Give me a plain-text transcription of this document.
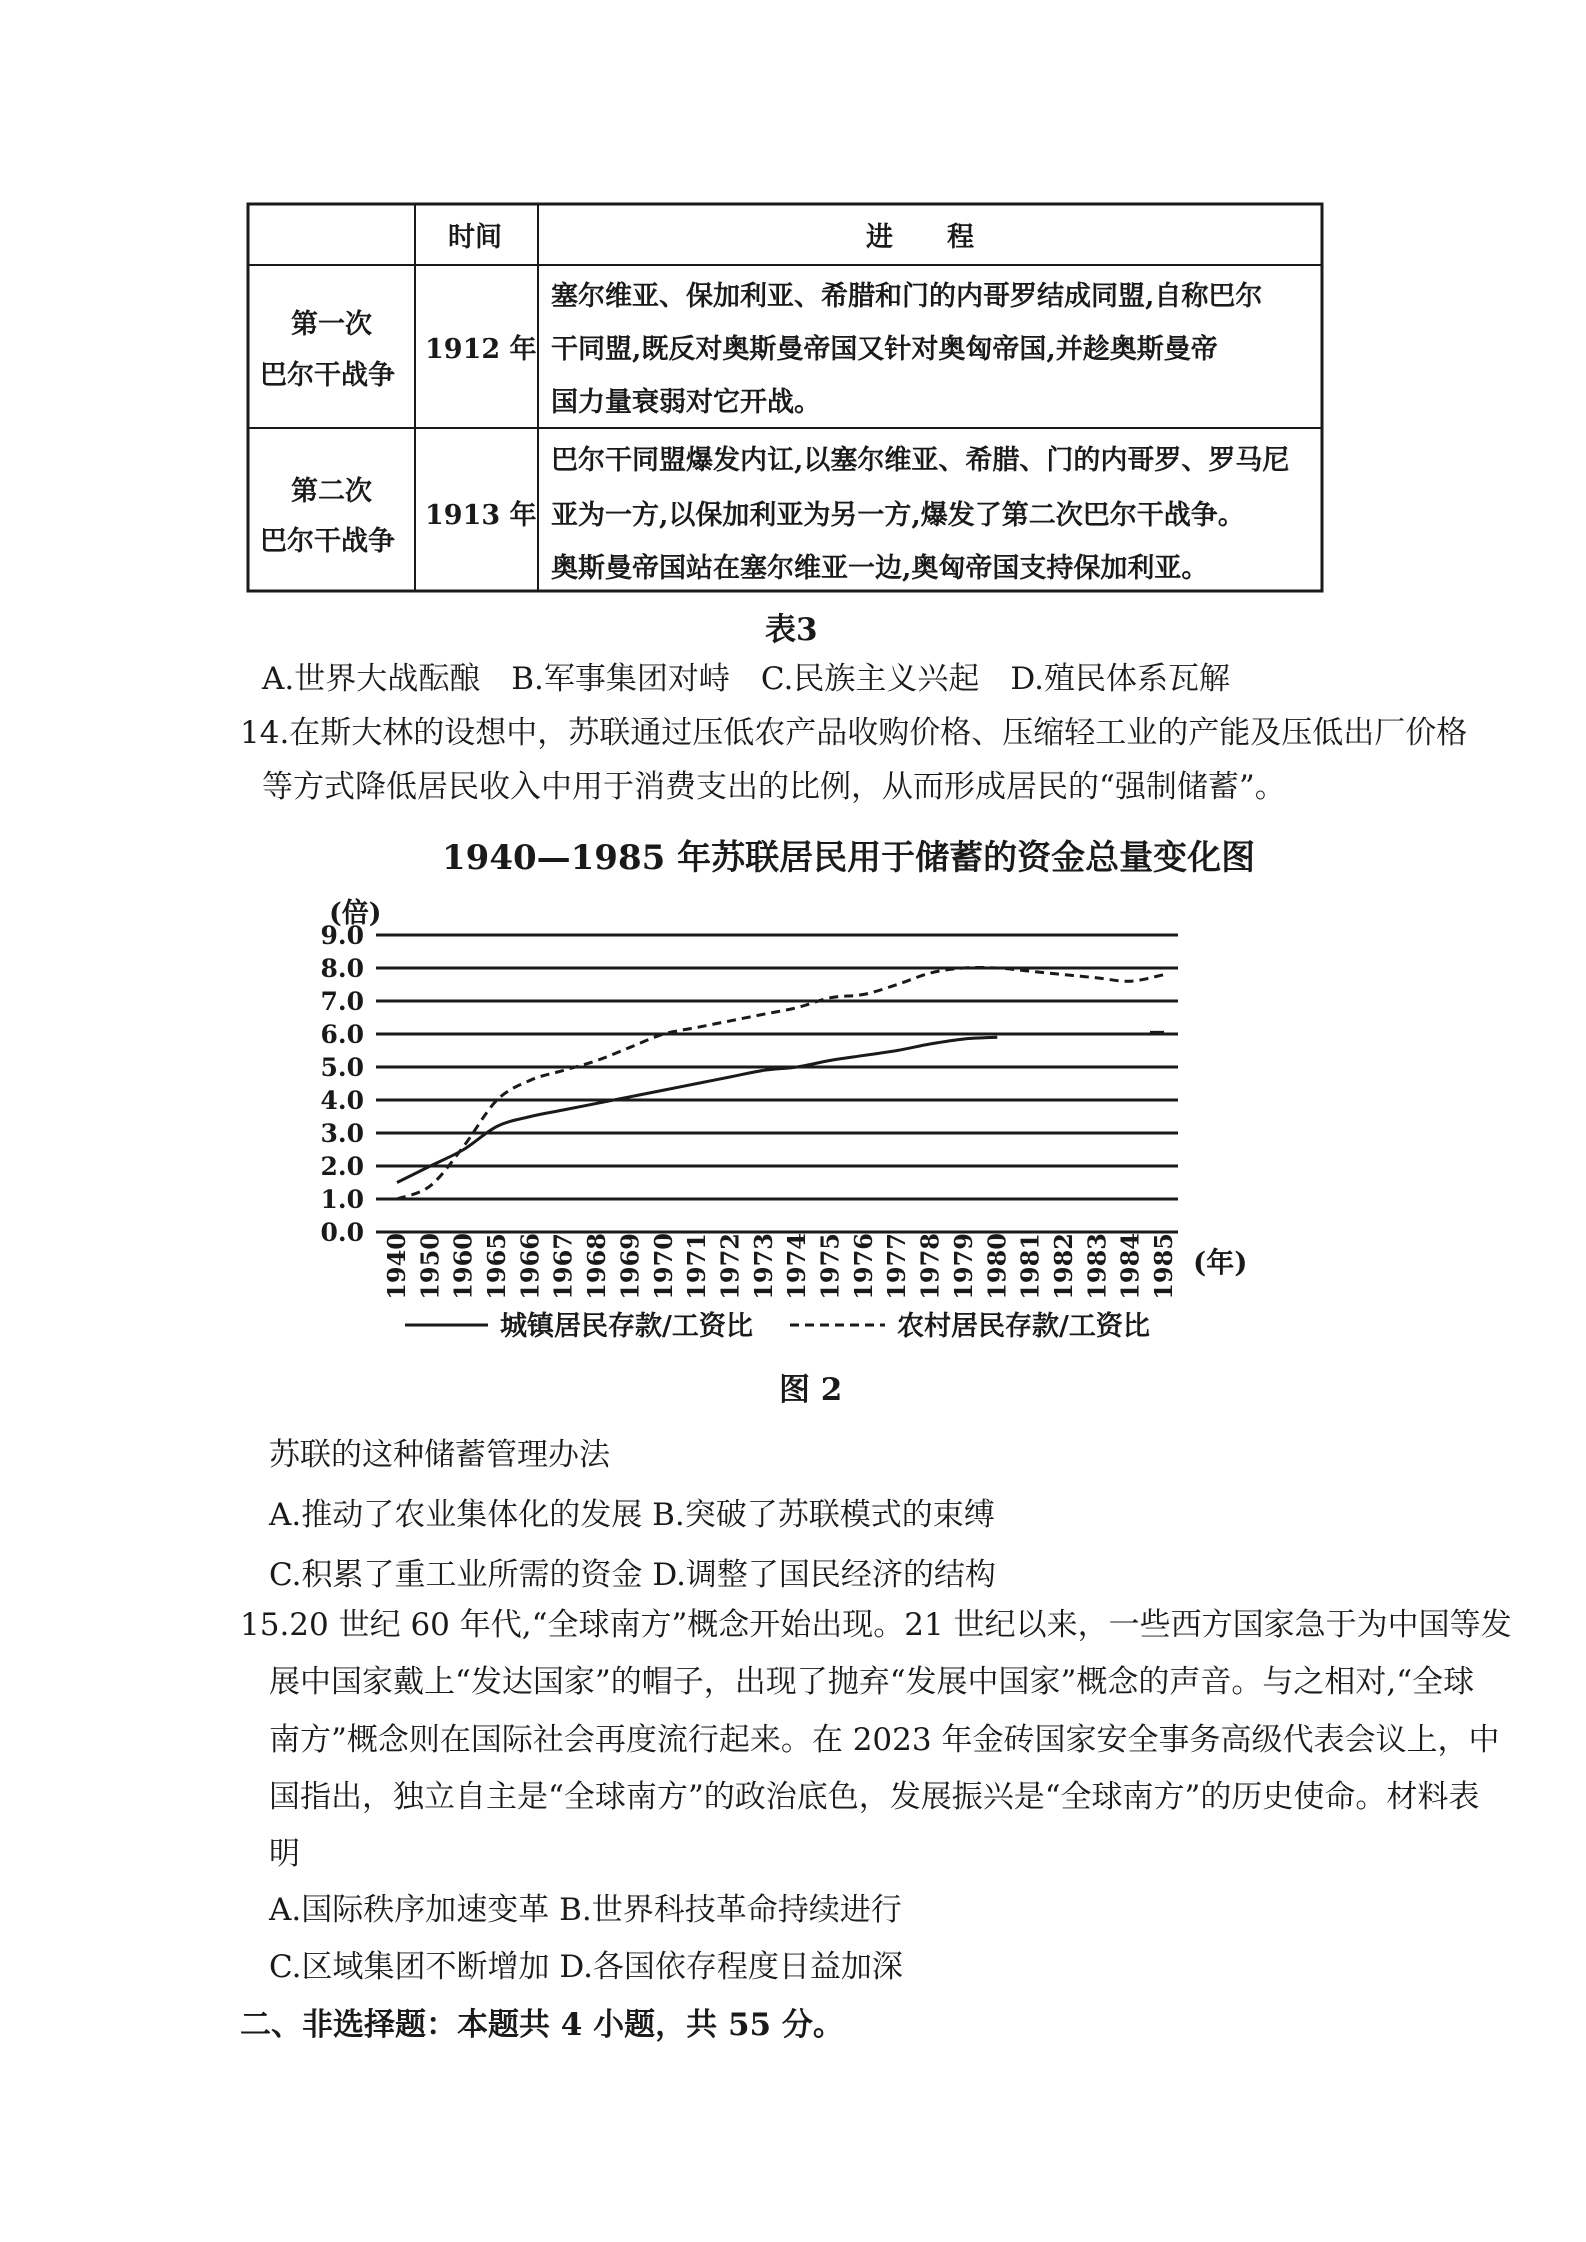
时间	进　　程
第一次
巴尔干战争
1912 年
塞尔维亚、保加利亚、希腊和门的内哥罗结成同盟,自称巴尔
干同盟,既反对奥斯曼帝国又针对奥匈帝国,并趁奥斯曼帝
国力量衰弱对它开战。
第二次
巴尔干战争
1913 年
巴尔干同盟爆发内讧,以塞尔维亚、希腊、门的内哥罗、罗马尼
亚为一方,以保加利亚为另一方,爆发了第二次巴尔干战争。
奥斯曼帝国站在塞尔维亚一边,奥匈帝国支持保加利亚。
表3
A.世界大战酝酿　B.军事集团对峙　C.民族主义兴起　D.殖民体系瓦解
14.在斯大林的设想中，苏联通过压低农产品收购价格、压缩轻工业的产能及压低出厂价格
等方式降低居民收入中用于消费支出的比例，从而形成居民的“强制储蓄”。
1940—1985 年苏联居民用于储蓄的资金总量变化图
0.0
1.0
2.0
3.0
4.0
5.0
6.0
7.0
8.0
9.0
1940 1950 1960 1965 1966 1967 1968 1969 1970 1971 1972 1973 1974 1975 1976 1977 1978 1979 1980 1981 1982 1983 1984 1985
城镇居民存款/工资比	农村居民存款/工资比
(倍)
(年)
图 2
苏联的这种储蓄管理办法
A.推动了农业集体化的发展 B.突破了苏联模式的束缚
C.积累了重工业所需的资金 D.调整了国民经济的结构
15.20 世纪 60 年代,“全球南方”概念开始出现。21 世纪以来，一些西方国家急于为中国等发
展中国家戴上“发达国家”的帽子，出现了抛弃“发展中国家”概念的声音。与之相对,“全球
南方”概念则在国际社会再度流行起来。在 2023 年金砖国家安全事务高级代表会议上，中
国指出，独立自主是“全球南方”的政治底色，发展振兴是“全球南方”的历史使命。材料表
明
A.国际秩序加速变革 B.世界科技革命持续进行
C.区域集团不断增加 D.各国依存程度日益加深
二、非选择题：本题共 4 小题，共 55 分。
